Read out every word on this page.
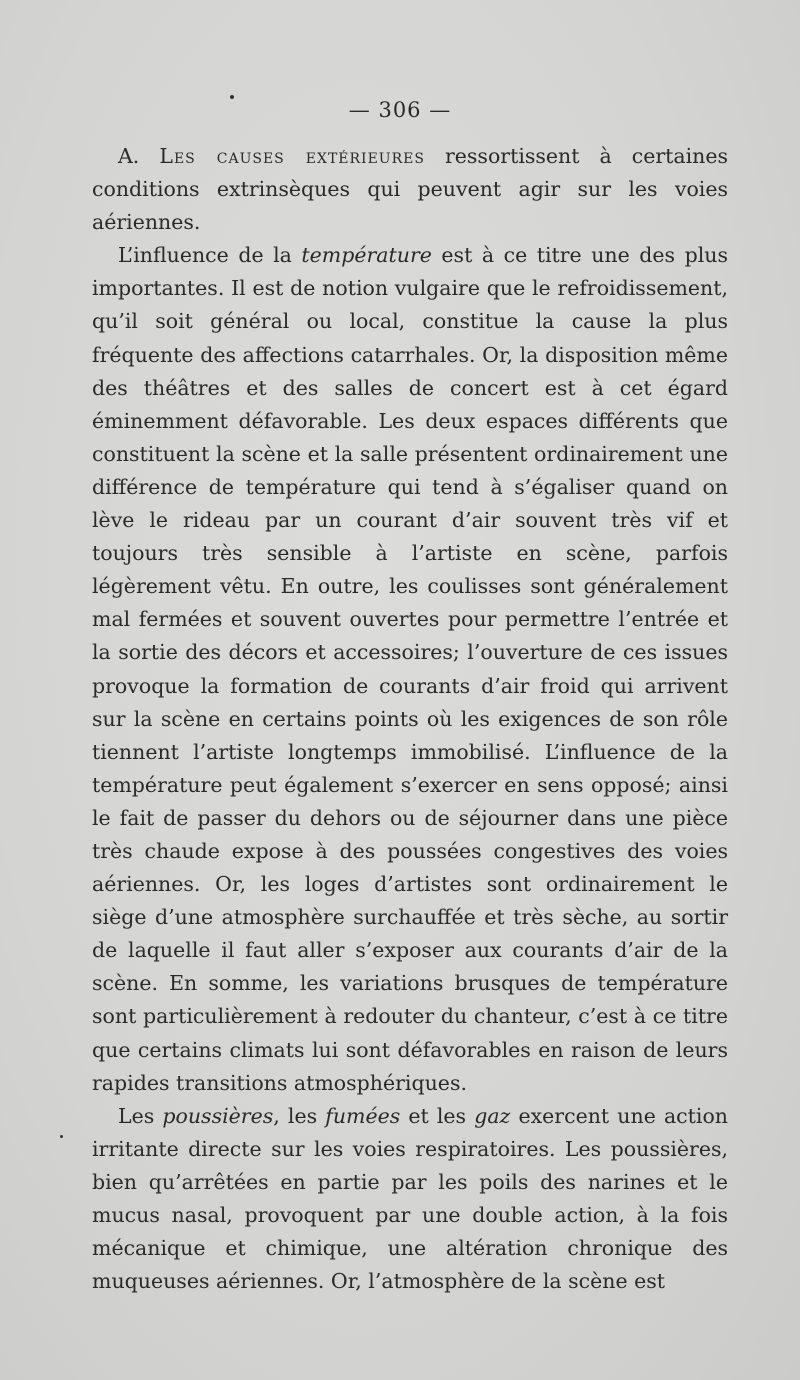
— 306 —

A. Les causes extérieures ressortissent à certaines conditions extrinsèques qui peuvent agir sur les voies aériennes.

L’influence de la température est à ce titre une des plus importantes. Il est de notion vulgaire que le refroidissement, qu’il soit général ou local, constitue la cause la plus fréquente des affections catarrhales. Or, la disposition même des théâtres et des salles de concert est à cet égard éminemment défavorable. Les deux espaces différents que constituent la scène et la salle présentent ordinairement une différence de température qui tend à s’égaliser quand on lève le rideau par un courant d’air souvent très vif et toujours très sensible à l’artiste en scène, parfois légèrement vêtu. En outre, les coulisses sont généralement mal fermées et souvent ouvertes pour permettre l’entrée et la sortie des décors et accessoires; l’ouverture de ces issues provoque la formation de courants d’air froid qui arrivent sur la scène en certains points où les exigences de son rôle tiennent l’artiste longtemps immobilisé. L’influence de la température peut également s’exercer en sens opposé; ainsi le fait de passer du dehors ou de séjourner dans une pièce très chaude expose à des poussées congestives des voies aériennes. Or, les loges d’artistes sont ordinairement le siège d’une atmosphère surchauffée et très sèche, au sortir de laquelle il faut aller s’exposer aux courants d’air de la scène. En somme, les variations brusques de température sont particulièrement à redouter du chanteur, c’est à ce titre que certains climats lui sont défavorables en raison de leurs rapides transitions atmosphériques.

Les poussières, les fumées et les gaz exercent une action irritante directe sur les voies respiratoires. Les poussières, bien qu’arrêtées en partie par les poils des narines et le mucus nasal, provoquent par une double action, à la fois mécanique et chimique, une altération chronique des muqueuses aériennes. Or, l’atmosphère de la scène est
